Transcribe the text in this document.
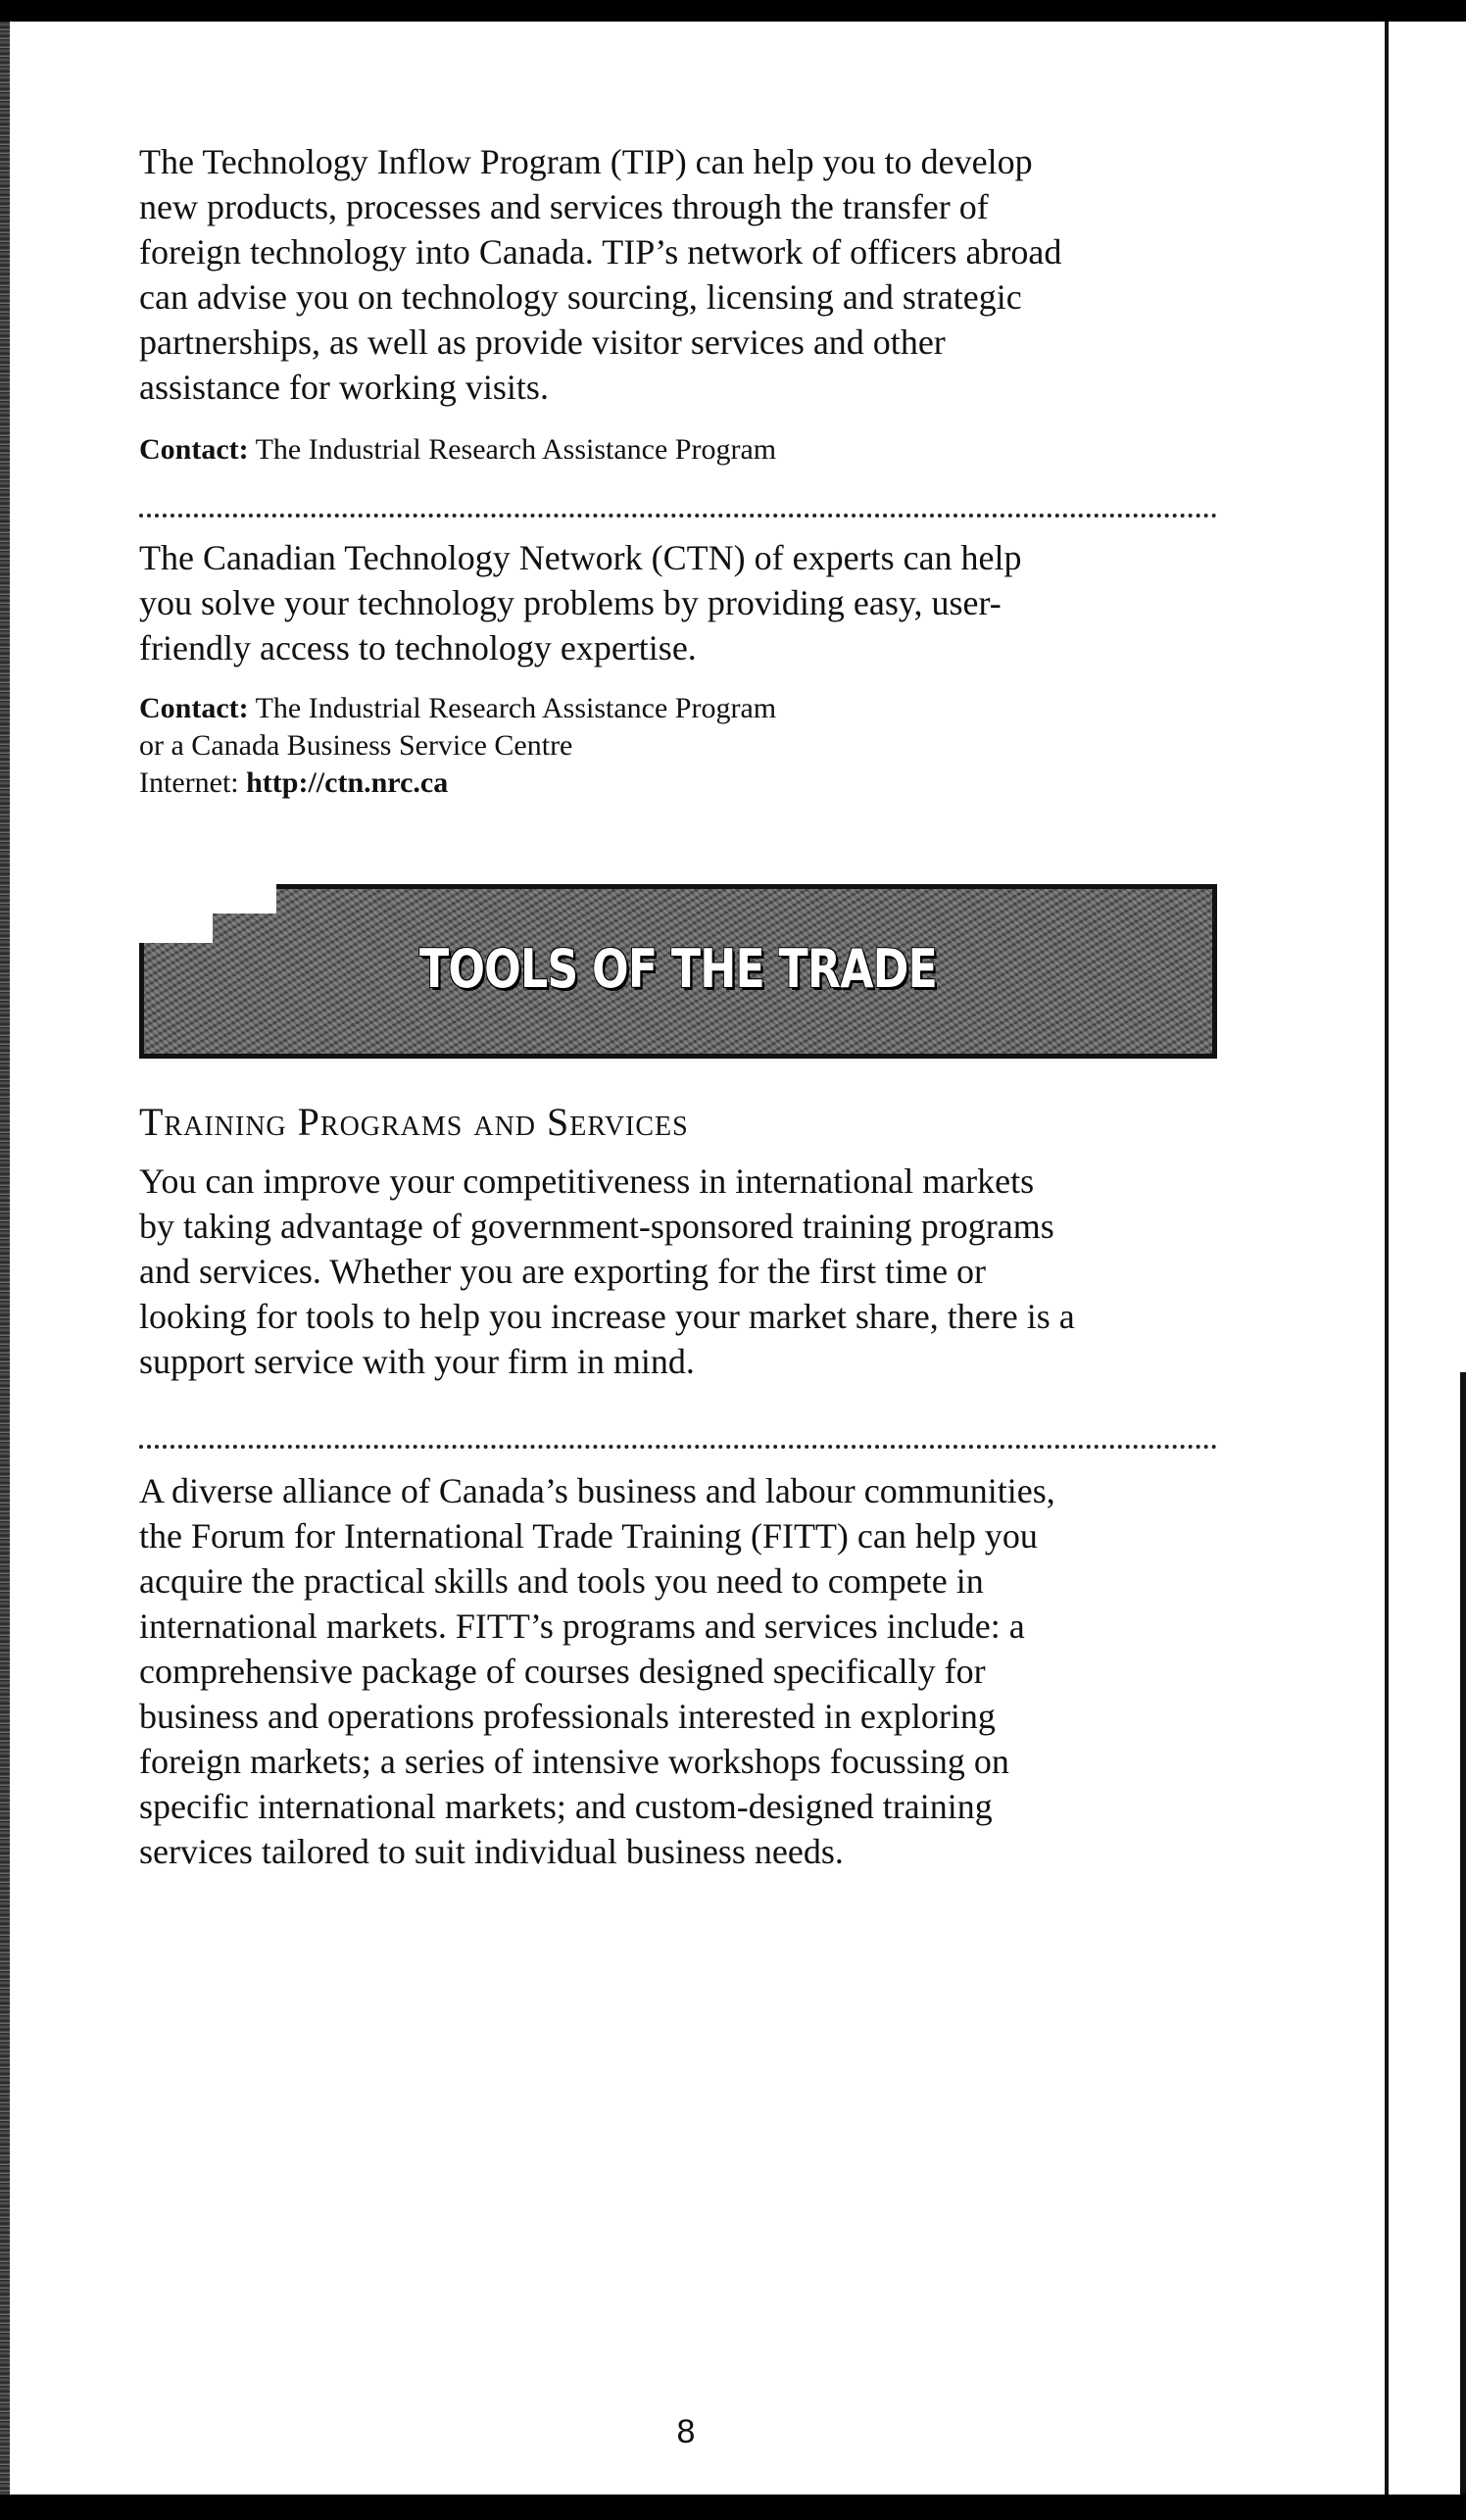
The Technology Inflow Program (TIP) can help you to develop
new products, processes and services through the transfer of
foreign technology into Canada. TIP’s network of officers abroad
can advise you on technology sourcing, licensing and strategic
partnerships, as well as provide visitor services and other
assistance for working visits.

Contact: The Industrial Research Assistance Program

The Canadian Technology Network (CTN) of experts can help
you solve your technology problems by providing easy, user-
friendly access to technology expertise.

Contact: The Industrial Research Assistance Program
or a Canada Business Service Centre
Internet: http://ctn.nrc.ca

TOOLS OF THE TRADE
Training Programs and Services

You can improve your competitiveness in international markets
by taking advantage of government-sponsored training programs
and services. Whether you are exporting for the first time or
looking for tools to help you increase your market share, there is a
support service with your firm in mind.

A diverse alliance of Canada’s business and labour communities,
the Forum for International Trade Training (FITT) can help you
acquire the practical skills and tools you need to compete in
international markets. FITT’s programs and services include: a
comprehensive package of courses designed specifically for
business and operations professionals interested in exploring
foreign markets; a series of intensive workshops focussing on
specific international markets; and custom-designed training
services tailored to suit individual business needs.

8
